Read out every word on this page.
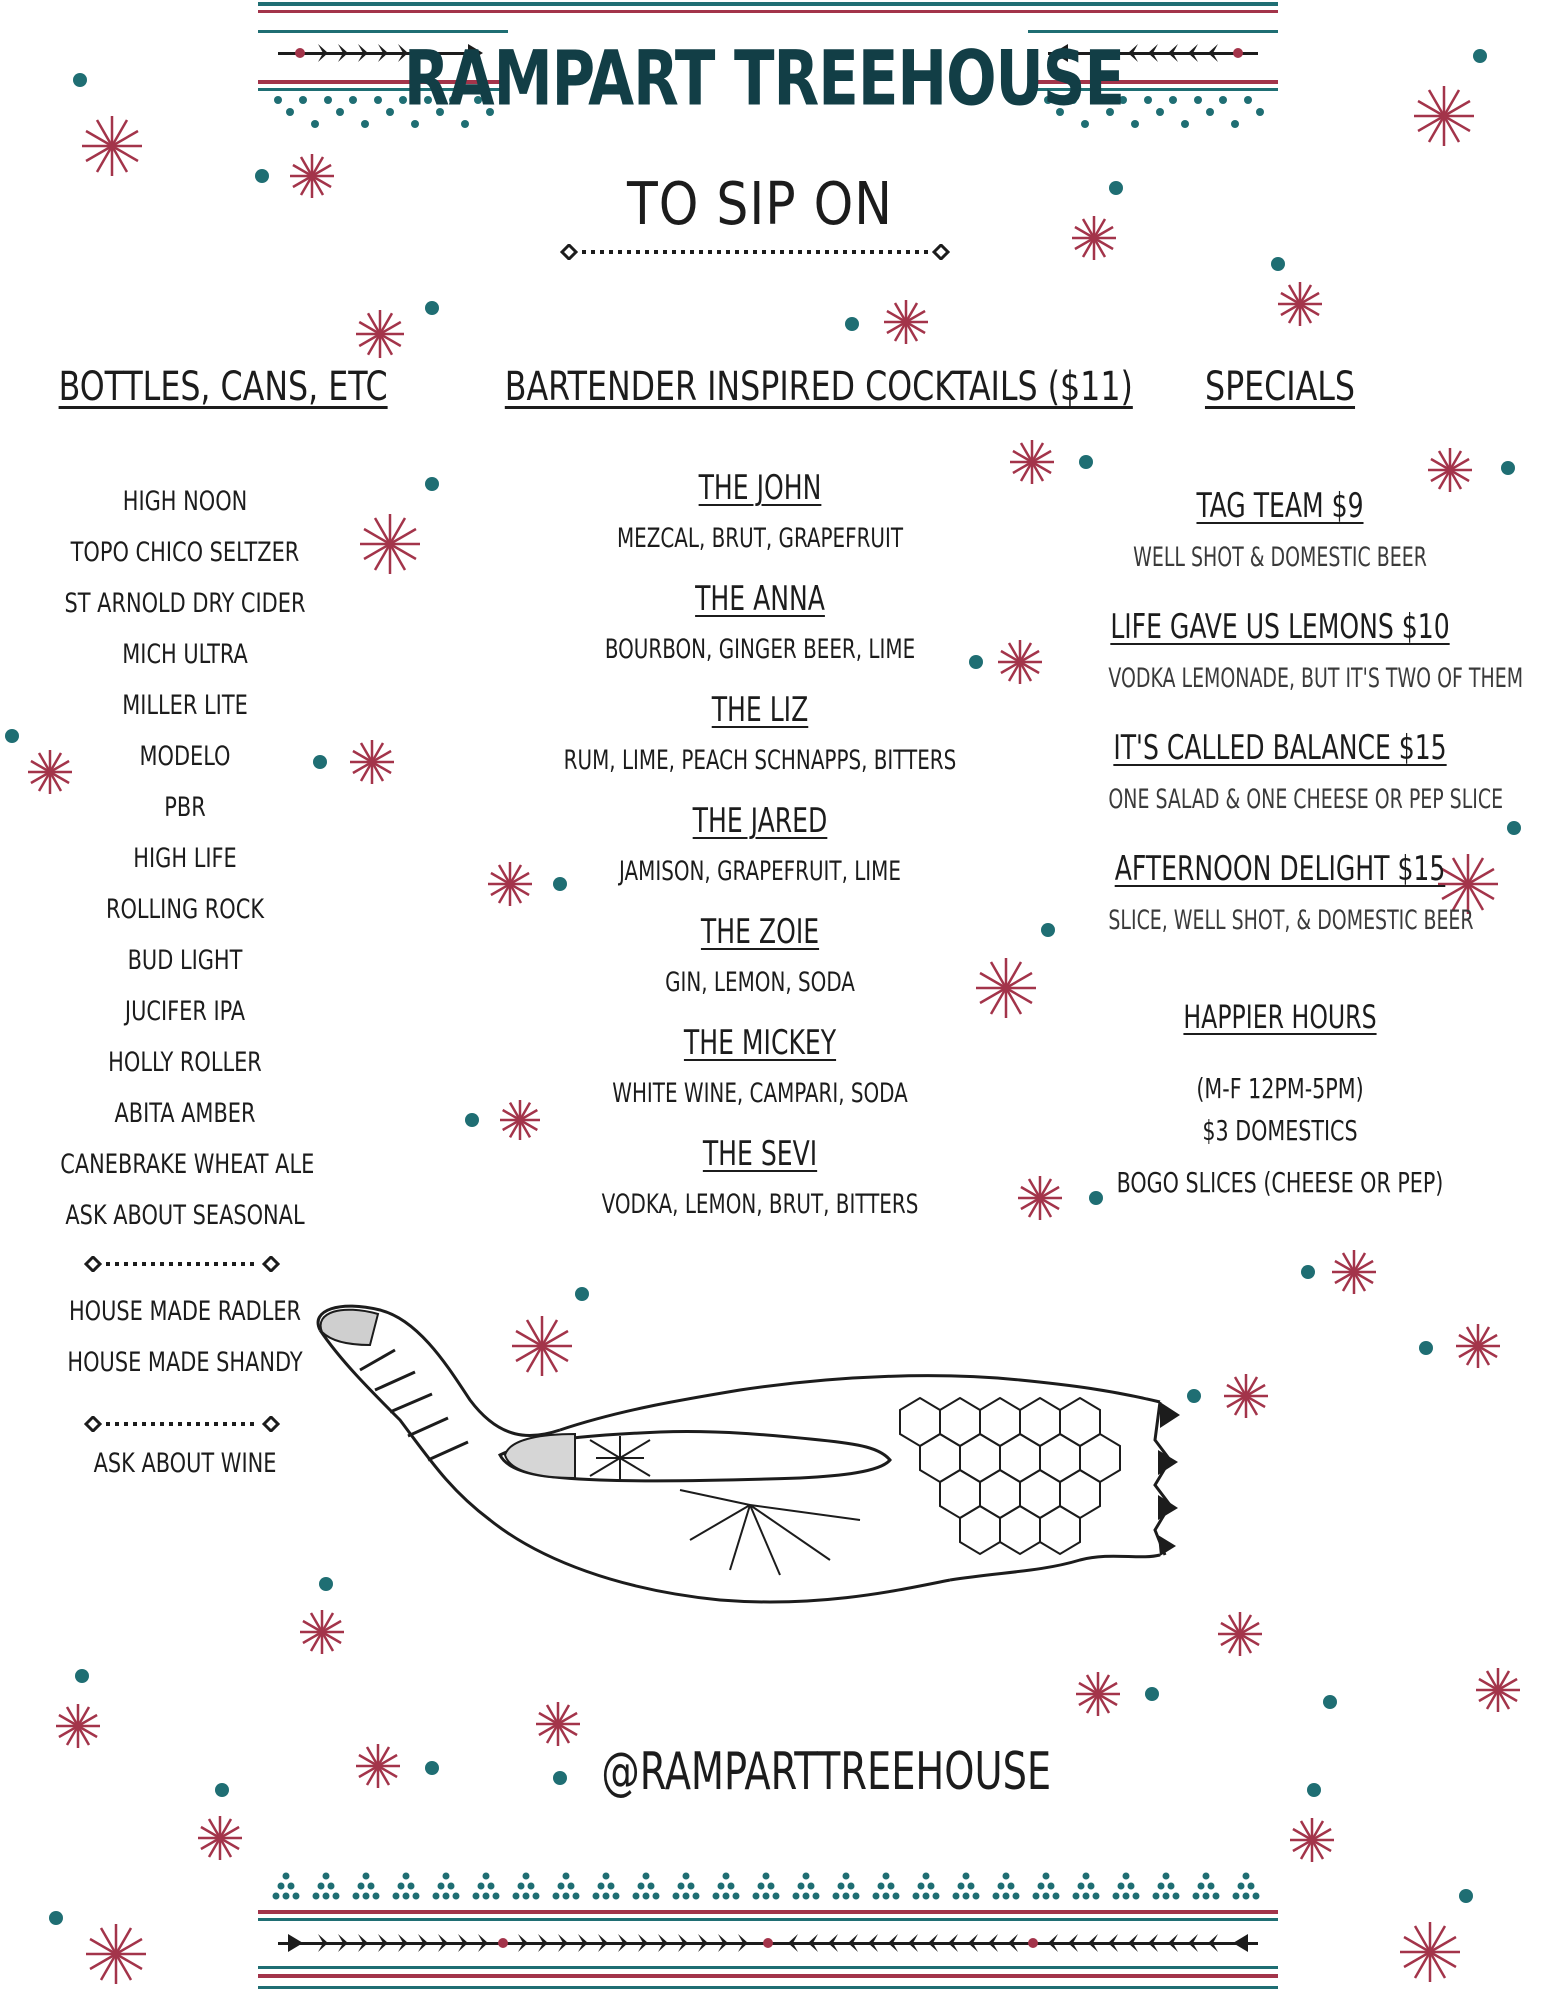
RAMPART TREEHOUSE
TO SIP ON
BOTTLES, CANS, ETC	BARTENDER INSPIRED COCKTAILS ($11)	SPECIALS
HIGH NOON
TOPO CHICO SELTZER
ST ARNOLD DRY CIDER
MICH ULTRA
MILLER LITE
MODELO
PBR
HIGH LIFE
ROLLING ROCK
BUD LIGHT
JUCIFER IPA
HOLLY ROLLER
ABITA AMBER
CANEBRAKE WHEAT ALE
ASK ABOUT SEASONAL
HOUSE MADE RADLER
HOUSE MADE SHANDY
ASK ABOUT WINE
THE JOHN
MEZCAL, BRUT, GRAPEFRUIT
THE ANNA
BOURBON, GINGER BEER, LIME
THE LIZ
RUM, LIME, PEACH SCHNAPPS, BITTERS
THE JARED
JAMISON, GRAPEFRUIT, LIME
THE ZOIE
GIN, LEMON, SODA
THE MICKEY
WHITE WINE, CAMPARI, SODA
THE SEVI
VODKA, LEMON, BRUT, BITTERS
TAG TEAM $9
WELL SHOT & DOMESTIC BEER
LIFE GAVE US LEMONS $10
VODKA LEMONADE, BUT IT'S TWO OF THEM
IT'S CALLED BALANCE $15
ONE SALAD & ONE CHEESE OR PEP SLICE
AFTERNOON DELIGHT $15
SLICE, WELL SHOT, & DOMESTIC BEER
HAPPIER HOURS
(M-F 12PM-5PM)
$3 DOMESTICS
BOGO SLICES (CHEESE OR PEP)
@RAMPARTTREEHOUSE
